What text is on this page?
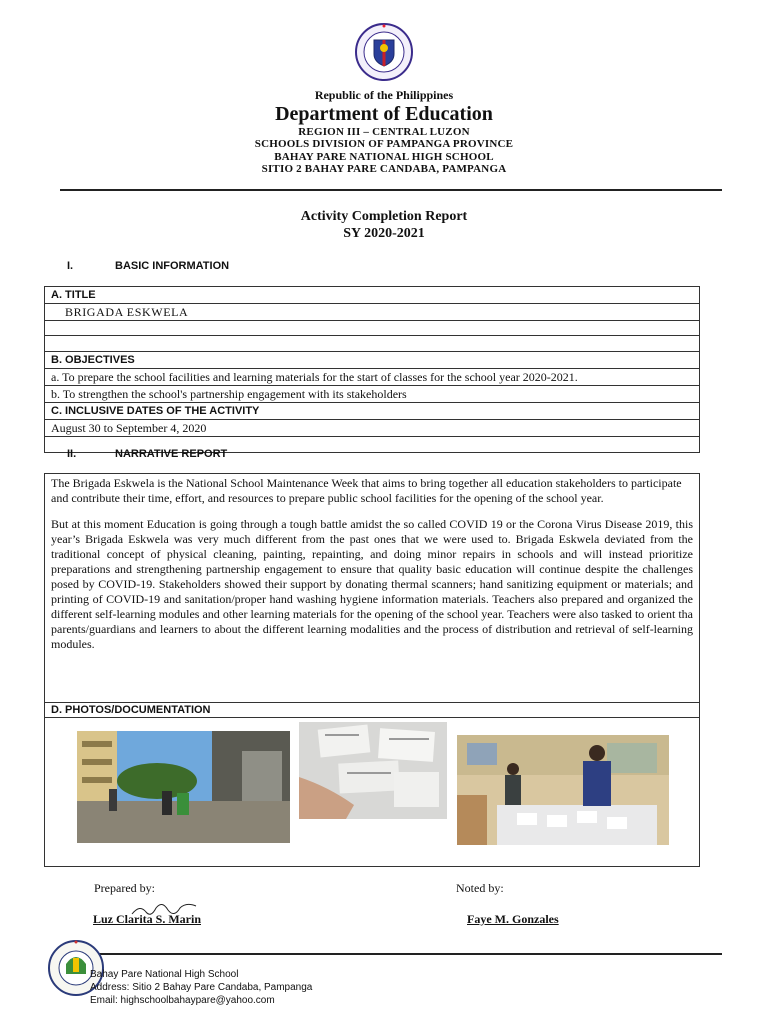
Republic of the Philippines
Department of Education
REGION III – CENTRAL LUZON
SCHOOLS DIVISION OF PAMPANGA PROVINCE
BAHAY PARE NATIONAL HIGH SCHOOL
SITIO 2 BAHAY PARE CANDABA, PAMPANGA
Activity Completion Report
SY 2020-2021
I.	BASIC INFORMATION
A. TITLE
BRIGADA ESKWELA
B. OBJECTIVES
a. To prepare the school facilities and learning materials for the start of classes for the school year 2020-2021.
b. To strengthen the school's partnership engagement with its stakeholders
C. INCLUSIVE DATES OF THE ACTIVITY
August 30 to September 4, 2020
II.	NARRATIVE REPORT

The Brigada Eskwela is the National School Maintenance Week that aims to bring together all education stakeholders to participate and contribute their time, effort, and resources to prepare public school facilities for the opening of the school year.

But at this moment Education is going through a tough battle amidst the so called COVID 19 or the Corona Virus Disease 2019, this year’s Brigada Eskwela was very much different from the past ones that we were used to. Brigada Eskwela deviated from the traditional concept of physical cleaning, painting, repainting, and doing minor repairs in schools and will instead prioritize preparations and strengthening partnership engagement to ensure that quality basic education will continue despite the challenges posed by COVID-19. Stakeholders showed their support by donating thermal scanners; hand sanitizing equipment or materials; and printing of COVID-19 and sanitation/proper hand washing hygiene information materials. Teachers also prepared and organized the different self-learning modules and other learning materials for the opening of the school year. Teachers were also tasked to orient tha parents/guardians and learners to about the different learning modalities and the process of distribution and retrieval of self-learning modules.

D. PHOTOS/DOCUMENTATION
Prepared by:	Noted by:
Luz Clarita S. Marin	Faye M. Gonzales
Bahay Pare National High School
Address: Sitio 2 Bahay Pare Candaba, Pampanga
Email: highschoolbahaypare@yahoo.com
